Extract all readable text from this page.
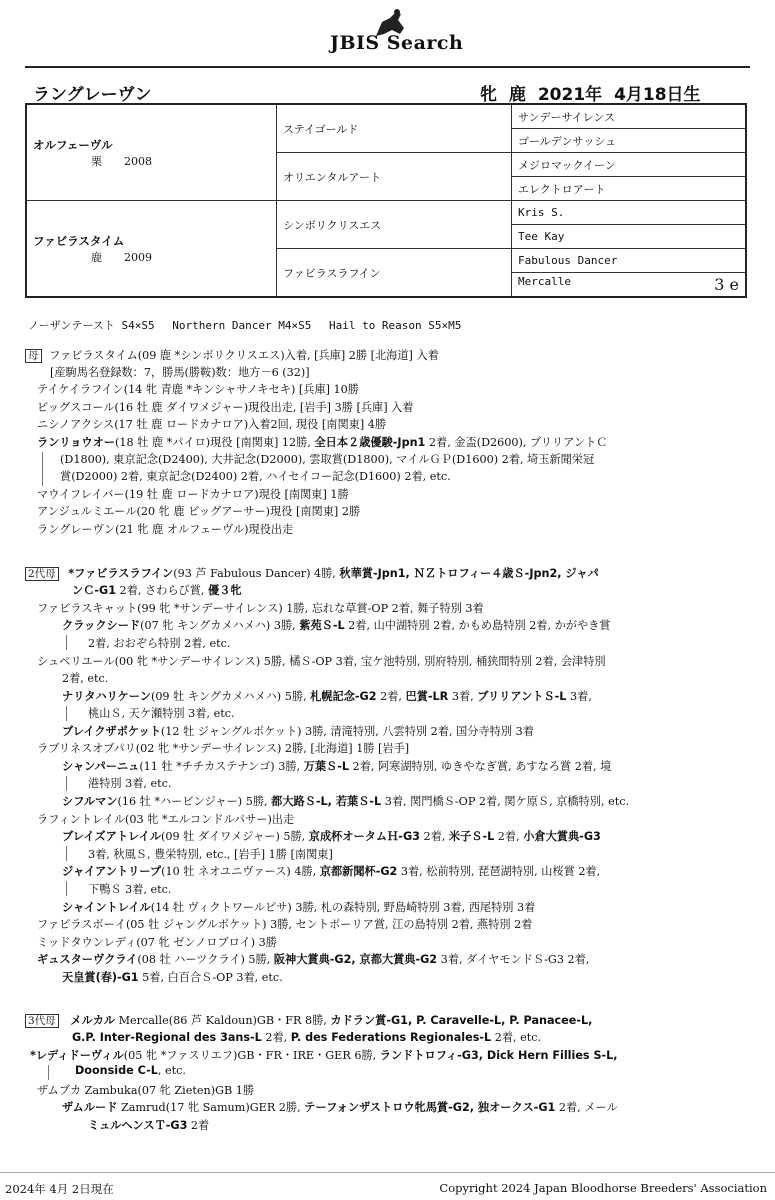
JBIS Search
ラングレーヴン	牝 鹿 2021年 4月18日生
オルフェーヴル
栗　　 2008	ステイゴールド	サンデーサイレンス
		ゴールデンサッシュ
	オリエンタルアート	メジロマックイーン
		エレクトロアート

ファビラスタイム
鹿　　 2009	シンボリクリスエス	Kris S.
		Tee Kay
	ファビラスラフイン	Fabulous Dancer
		Mercalle 3 e
ノーザンテースト S4×S5　 Northern Dancer M4×S5 　Hail to Reason S5×M5
母 ファビラスタイム(09 鹿 *シンボリクリスエス)入着, [兵庫] 2勝 [北海道] 入着
[産駒馬名登録数：7，勝馬(勝鞍)数：地方－6 (32)]
テイケイラフイン(14 牝 青鹿 *キンシャサノキセキ) [兵庫] 10勝
ビッグスコール(16 牡 鹿 ダイワメジャー)現役出走, [岩手] 3勝 [兵庫] 入着
ニシノアクシス(17 牡 鹿 ロードカナロア)入着2回, 現役 [南関東] 4勝
ランリョウオー(18 牡 鹿 *パイロ)現役 [南関東] 12勝, 全日本２歳優駿-Jpn1 2着, 金盃(D2600), ブリリアントＣ
(D1800), 東京記念(D2400), 大井記念(D2000), 雲取賞(D1800), マイルＧＰ(D1600) 2着, 埼玉新聞栄冠
賞(D2000) 2着, 東京記念(D2400) 2着, ハイセイコー記念(D1600) 2着, etc.
マウイフレイバー(19 牡 鹿 ロードカナロア)現役 [南関東] 1勝
アンジュルミエール(20 牝 鹿 ビッグアーサー)現役 [南関東] 2勝
ラングレーヴン(21 牝 鹿 オルフェーヴル)現役出走
2代母 *ファビラスラフイン(93 芦 Fabulous Dancer) 4勝, 秋華賞-Jpn1, ＮＺトロフィー４歳Ｓ-Jpn2, ジャパ
ンＣ-G1 2着, さわらび賞, 優３牝
ファビラスキャット(99 牝 *サンデーサイレンス) 1勝, 忘れな草賞-OP 2着, 舞子特別 3着
クラックシード(07 牝 キングカメハメハ) 3勝, 紫苑Ｓ-L 2着, 山中湖特別 2着, かもめ島特別 2着, かがやき賞
2着, おおぞら特別 2着, etc.
シュペリユール(00 牝 *サンデーサイレンス) 5勝, 橘Ｓ-OP 3着, 宝ケ池特別, 別府特別, 桶狭間特別 2着, 会津特別
2着, etc.
ナリタハリケーン(09 牡 キングカメハメハ) 5勝, 札幌記念-G2 2着, 巴賞-LR 3着, ブリリアントＳ-L 3着,
桃山Ｓ, 天ケ瀬特別 3着, etc.
ブレイクザポケット(12 牡 ジャングルポケット) 3勝, 清滝特別, 八雲特別 2着, 国分寺特別 3着
ラブリネスオブパリ(02 牝 *サンデーサイレンス) 2勝, [北海道] 1勝 [岩手]
シャンパーニュ(11 牡 *チチカステナンゴ) 3勝, 万葉Ｓ-L 2着, 阿寒湖特別, ゆきやなぎ賞, あすなろ賞 2着, 境
港特別 3着, etc.
シフルマン(16 牡 *ハービンジャー) 5勝, 都大路Ｓ-L, 若葉Ｓ-L 3着, 関門橋Ｓ-OP 2着, 関ケ原Ｓ, 京橋特別, etc.
ラフィントレイル(03 牝 *エルコンドルパサー)出走
ブレイズアトレイル(09 牡 ダイワメジャー) 5勝, 京成杯オータムＨ-G3 2着, 米子Ｓ-L 2着, 小倉大賞典-G3
3着, 秋風Ｓ, 豊栄特別, etc., [岩手] 1勝 [南関東]
ジャイアントリープ(10 牡 ネオユニヴァース) 4勝, 京都新聞杯-G2 3着, 松前特別, 琵琶湖特別, 山桜賞 2着,
下鴨Ｓ 3着, etc.
シャイントレイル(14 牡 ヴィクトワールピサ) 3勝, 札の森特別, 野島崎特別 3着, 西尾特別 3着
ファビラスボーイ(05 牡 ジャングルポケット) 3勝, セントポーリア賞, 江の島特別 2着, 燕特別 2着
ミッドタウンレディ(07 牝 ゼンノロブロイ) 3勝
ギュスターヴクライ(08 牡 ハーツクライ) 5勝, 阪神大賞典-G2, 京都大賞典-G2 3着, ダイヤモンドＳ-G3 2着,
天皇賞(春)-G1 5着, 白百合Ｓ-OP 3着, etc.
3代母 メルカル Mercalle(86 芦 Kaldoun)GB・FR 8勝, カドラン賞-G1, P. Caravelle-L, P. Panacee-L,
G.P. Inter-Regional des 3ans-L 2着, P. des Federations Regionales-L 2着, etc.
*レディドーヴィル(05 牝 *ファスリエフ)GB・FR・IRE・GER 6勝, ランドトロフィ-G3, Dick Hern Fillies S-L,
Doonside C-L, etc.
ザムブカ Zambuka(07 牝 Zieten)GB 1勝
ザムルード Zamrud(17 牝 Samum)GER 2勝, テーフォンザストロウ牝馬賞-G2, 独オークス-G1 2着, メール
ミュルヘンスＴ-G3 2着
2024年 4月 2日現在	Copyright 2024 Japan Bloodhorse Breeders' Association
